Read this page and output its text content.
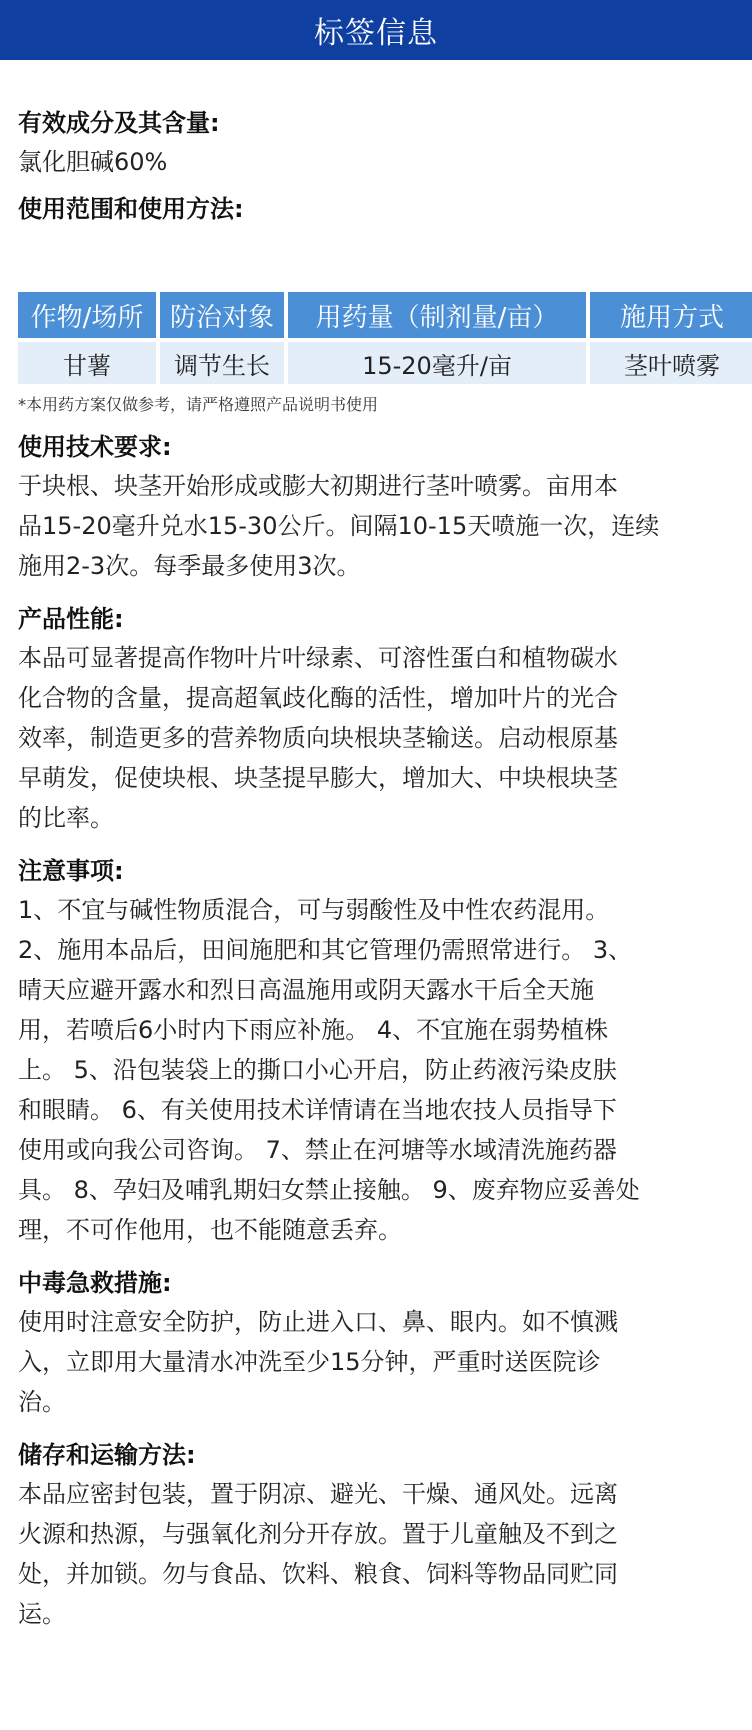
标签信息
有效成分及其含量:
氯化胆碱60%
使用范围和使用方法:
作物/场所	防治对象	用药量（制剂量/亩）	施用方式
甘薯	调节生长	15-20毫升/亩	茎叶喷雾
*本用药方案仅做参考，请严格遵照产品说明书使用
使用技术要求:
于块根、块茎开始形成或膨大初期进行茎叶喷雾。亩用本
品15-20毫升兑水15-30公斤。间隔10-15天喷施一次，连续
施用2-3次。每季最多使用3次。
产品性能:
本品可显著提高作物叶片叶绿素、可溶性蛋白和植物碳水
化合物的含量，提高超氧歧化酶的活性，增加叶片的光合
效率，制造更多的营养物质向块根块茎输送。启动根原基
早萌发，促使块根、块茎提早膨大，增加大、中块根块茎
的比率。
注意事项:
1、不宜与碱性物质混合，可与弱酸性及中性农药混用。
2、施用本品后，田间施肥和其它管理仍需照常进行。 3、
晴天应避开露水和烈日高温施用或阴天露水干后全天施
用，若喷后6小时内下雨应补施。 4、不宜施在弱势植株
上。 5、沿包装袋上的撕口小心开启，防止药液污染皮肤
和眼睛。 6、有关使用技术详情请在当地农技人员指导下
使用或向我公司咨询。 7、禁止在河塘等水域清洗施药器
具。 8、孕妇及哺乳期妇女禁止接触。 9、废弃物应妥善处
理，不可作他用，也不能随意丢弃。
中毒急救措施:
使用时注意安全防护，防止进入口、鼻、眼内。如不慎溅
入，立即用大量清水冲洗至少15分钟，严重时送医院诊
治。
储存和运输方法:
本品应密封包装，置于阴凉、避光、干燥、通风处。远离
火源和热源，与强氧化剂分开存放。置于儿童触及不到之
处，并加锁。勿与食品、饮料、粮食、饲料等物品同贮同
运。
